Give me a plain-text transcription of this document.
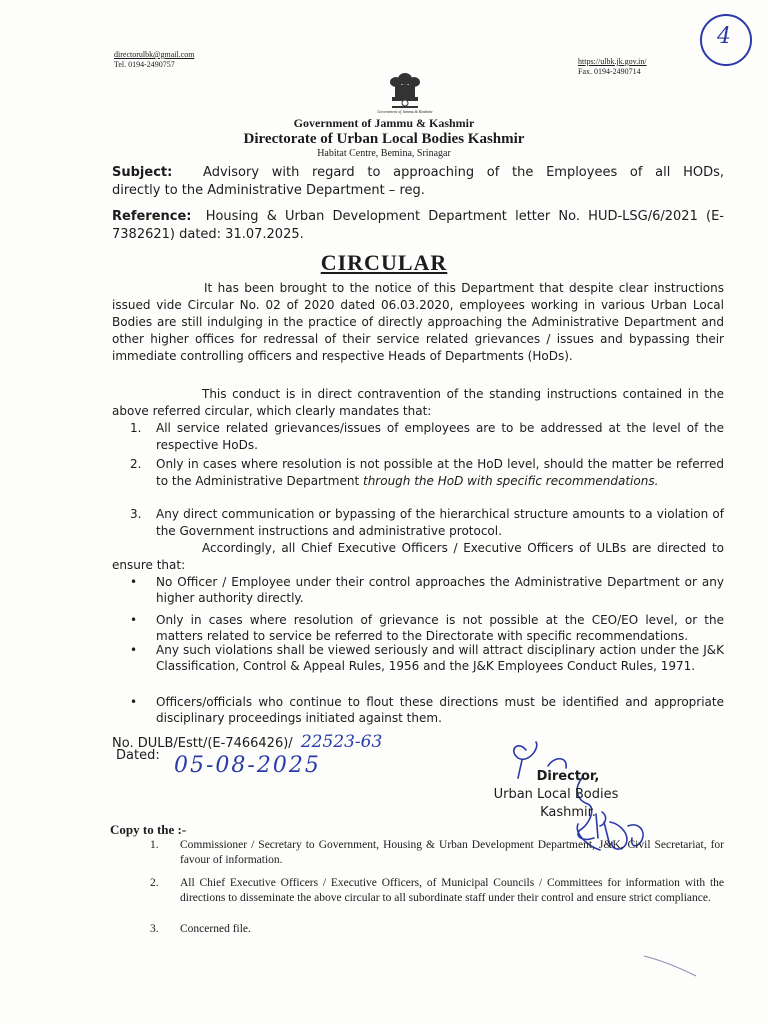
4
directorulbk@gmail.com
Tel. 0194-2490757	https://ulbk.jk.gov.in/
Fax. 0194-2490714
Government of Jammu & Kashmir
Government of Jammu & Kashmir
Directorate of Urban Local Bodies Kashmir
Habitat Centre, Bemina, Srinagar
Subject: Advisory with regard to approaching of the Employees of all HODs,
directly to the Administrative Department – reg.
Reference: Housing & Urban Development Department letter No. HUD-LSG/6/2021 (E-
7382621) dated: 31.07.2025.
CIRCULAR
It has been brought to the notice of this Department that despite clear instructions issued vide Circular No. 02 of 2020 dated 06.03.2020, employees working in various Urban Local Bodies are still indulging in the practice of directly approaching the Administrative Department and other higher offices for redressal of their service related grievances / issues and bypassing their immediate controlling officers and respective Heads of Departments (HoDs).
This conduct is in direct contravention of the standing instructions contained in the above referred circular, which clearly mandates that:
1. All service related grievances/issues of employees are to be addressed at the level of the respective HoDs.
2. Only in cases where resolution is not possible at the HoD level, should the matter be referred to the Administrative Department through the HoD with specific recommendations.
3. Any direct communication or bypassing of the hierarchical structure amounts to a violation of the Government instructions and administrative protocol.
Accordingly, all Chief Executive Officers / Executive Officers of ULBs are directed to ensure that:
• No Officer / Employee under their control approaches the Administrative Department or any higher authority directly.
• Only in cases where resolution of grievance is not possible at the CEO/EO level, or the matters related to service be referred to the Directorate with specific recommendations.
• Any such violations shall be viewed seriously and will attract disciplinary action under the J&K Classification, Control & Appeal Rules, 1956 and the J&K Employees Conduct Rules, 1971.
• Officers/officials who continue to flout these directions must be identified and appropriate disciplinary proceedings initiated against them.
No. DULB/Estt/(E-7466426)/ 22523-63
Dated: 05-08-2025	Director,
Urban Local Bodies
Kashmir.
Copy to the :-
1. Commissioner / Secretary to Government, Housing & Urban Development Department, J&K, Civil Secretariat, for favour of information.
2. All Chief Executive Officers / Executive Officers, of Municipal Councils / Committees for information with the directions to disseminate the above circular to all subordinate staff under their control and ensure strict compliance.
3. Concerned file.
